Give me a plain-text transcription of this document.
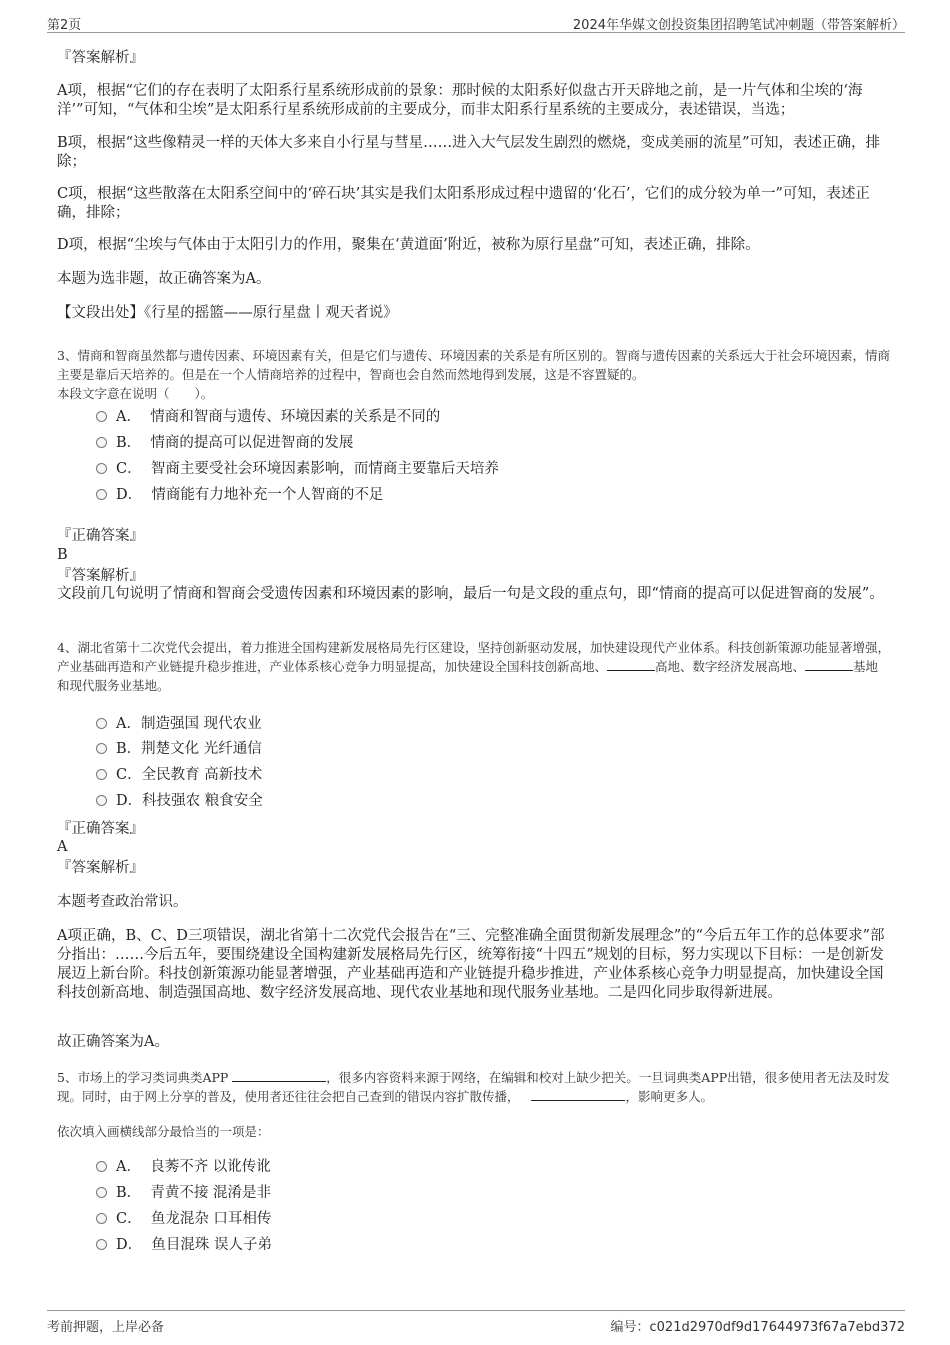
第2页	2024年华媒文创投资集团招聘笔试冲刺题（带答案解析）
『答案解析』
A项，根据“它们的存在表明了太阳系行星系统形成前的景象：那时候的太阳系好似盘古开天辟地之前，是一片气体和尘埃的‘海洋’”可知，“气体和尘埃”是太阳系行星系统形成前的主要成分，而非太阳系行星系统的主要成分，表述错误，当选；
B项，根据“这些像精灵一样的天体大多来自小行星与彗星……进入大气层发生剧烈的燃烧，变成美丽的流星”可知，表述正确，排除；
C项，根据“这些散落在太阳系空间中的‘碎石块’其实是我们太阳系形成过程中遗留的‘化石’，它们的成分较为单一”可知，表述正确，排除；
D项，根据“尘埃与气体由于太阳引力的作用，聚集在‘黄道面’附近，被称为原行星盘”可知，表述正确，排除。
本题为选非题，故正确答案为A。
【文段出处】《行星的摇篮——原行星盘丨观天者说》
3、情商和智商虽然都与遗传因素、环境因素有关，但是它们与遗传、环境因素的关系是有所区别的。智商与遗传因素的关系远大于社会环境因素，情商主要是靠后天培养的。但是在一个人情商培养的过程中，智商也会自然而然地得到发展，这是不容置疑的。
本段文字意在说明（　　）。
A． 情商和智商与遗传、环境因素的关系是不同的
B． 情商的提高可以促进智商的发展
C． 智商主要受社会环境因素影响，而情商主要靠后天培养
D． 情商能有力地补充一个人智商的不足
『正确答案』
B
『答案解析』
文段前几句说明了情商和智商会受遗传因素和环境因素的影响，最后一句是文段的重点句，即“情商的提高可以促进智商的发展”。
4、湖北省第十二次党代会提出，着力推进全国构建新发展格局先行区建设，坚持创新驱动发展，加快建设现代产业体系。科技创新策源功能显著增强，产业基础再造和产业链提升稳步推进，产业体系核心竞争力明显提高，加快建设全国科技创新高地、	高地、数字经济发展高地、	基地和现代服务业基地。
A．制造强国 现代农业
B．荆楚文化 光纤通信
C．全民教育 高新技术
D．科技强农 粮食安全
『正确答案』
A
『答案解析』
本题考查政治常识。
A项正确，B、C、D三项错误，湖北省第十二次党代会报告在“三、完整准确全面贯彻新发展理念”的“今后五年工作的总体要求”部分指出：……今后五年，要围绕建设全国构建新发展格局先行区，统筹衔接“十四五”规划的目标，努力实现以下目标：一是创新发展迈上新台阶。科技创新策源功能显著增强，产业基础再造和产业链提升稳步推进，产业体系核心竞争力明显提高，加快建设全国科技创新高地、制造强国高地、数字经济发展高地、现代农业基地和现代服务业基地。二是四化同步取得新进展。
故正确答案为A。
5、市场上的学习类词典类APP	，很多内容资料来源于网络，在编辑和校对上缺少把关。一旦词典类APP出错，很多使用者无法及时发现。同时，由于网上分享的普及，使用者还往往会把自己查到的错误内容扩散传播，	，影响更多人。
依次填入画横线部分最恰当的一项是：
A． 良莠不齐 以讹传讹
B． 青黄不接 混淆是非
C． 鱼龙混杂 口耳相传
D． 鱼目混珠 误人子弟
考前押题，上岸必备	编号：c021d2970df9d17644973f67a7ebd372
